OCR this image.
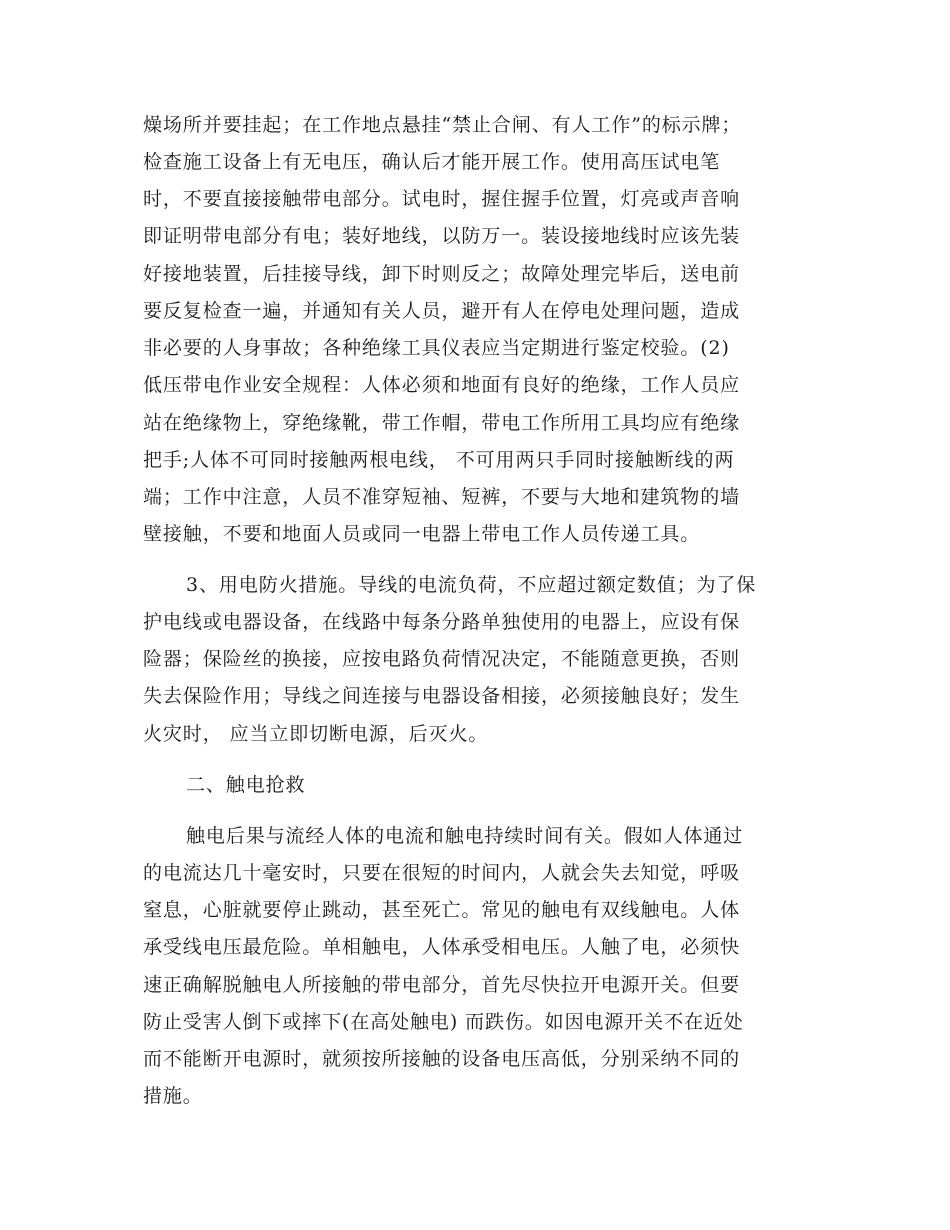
燥场所并要挂起；在工作地点悬挂“禁止合闸、有人工作”的标示牌；
检查施工设备上有无电压，确认后才能开展工作。使用高压试电笔
时，不要直接接触带电部分。试电时，握住握手位置，灯亮或声音响
即证明带电部分有电；装好地线，以防万一。装设接地线时应该先装
好接地装置，后挂接导线，卸下时则反之；故障处理完毕后，送电前
要反复检查一遍，并通知有关人员，避开有人在停电处理问题，造成
非必要的人身事故；各种绝缘工具仪表应当定期进行鉴定校验。(2)
低压带电作业安全规程：人体必须和地面有良好的绝缘，工作人员应
站在绝缘物上，穿绝缘靴，带工作帽，带电工作所用工具均应有绝缘
把手;人体不可同时接触两根电线， 不可用两只手同时接触断线的两
端；工作中注意，人员不准穿短袖、短裤，不要与大地和建筑物的墙
壁接触，不要和地面人员或同一电器上带电工作人员传递工具。
3、用电防火措施。导线的电流负荷，不应超过额定数值；为了保
护电线或电器设备，在线路中每条分路单独使用的电器上，应设有保
险器；保险丝的换接，应按电路负荷情况决定，不能随意更换，否则
失去保险作用；导线之间连接与电器设备相接，必须接触良好；发生
火灾时， 应当立即切断电源，后灭火。
二、触电抢救
触电后果与流经人体的电流和触电持续时间有关。假如人体通过
的电流达几十毫安时，只要在很短的时间内，人就会失去知觉，呼吸
窒息，心脏就要停止跳动，甚至死亡。常见的触电有双线触电。人体
承受线电压最危险。单相触电，人体承受相电压。人触了电，必须快
速正确解脱触电人所接触的带电部分，首先尽快拉开电源开关。但要
防止受害人倒下或摔下(在高处触电) 而跌伤。如因电源开关不在近处
而不能断开电源时，就须按所接触的设备电压高低，分别采纳不同的
措施。
